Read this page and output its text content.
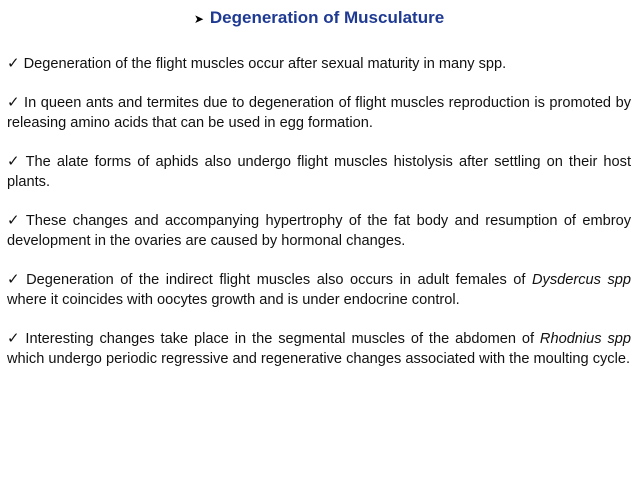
➤ Degeneration of Musculature

✓ Degeneration of the flight muscles occur after sexual maturity in many spp.

✓ In queen ants and termites due to degeneration of flight muscles reproduction is promoted by releasing amino acids that can be used in egg formation.

✓ The alate forms of aphids also undergo flight muscles histolysis after settling on their host plants.

✓ These changes and accompanying hypertrophy of the fat body and resumption of embroy development in the ovaries are caused by hormonal changes.

✓ Degeneration of the indirect flight muscles also occurs in adult females of Dysdercus spp where it coincides with oocytes growth and is under endocrine control.

✓ Interesting changes take place in the segmental muscles of the abdomen of Rhodnius spp which undergo periodic regressive and regenerative changes associated with the moulting cycle.
